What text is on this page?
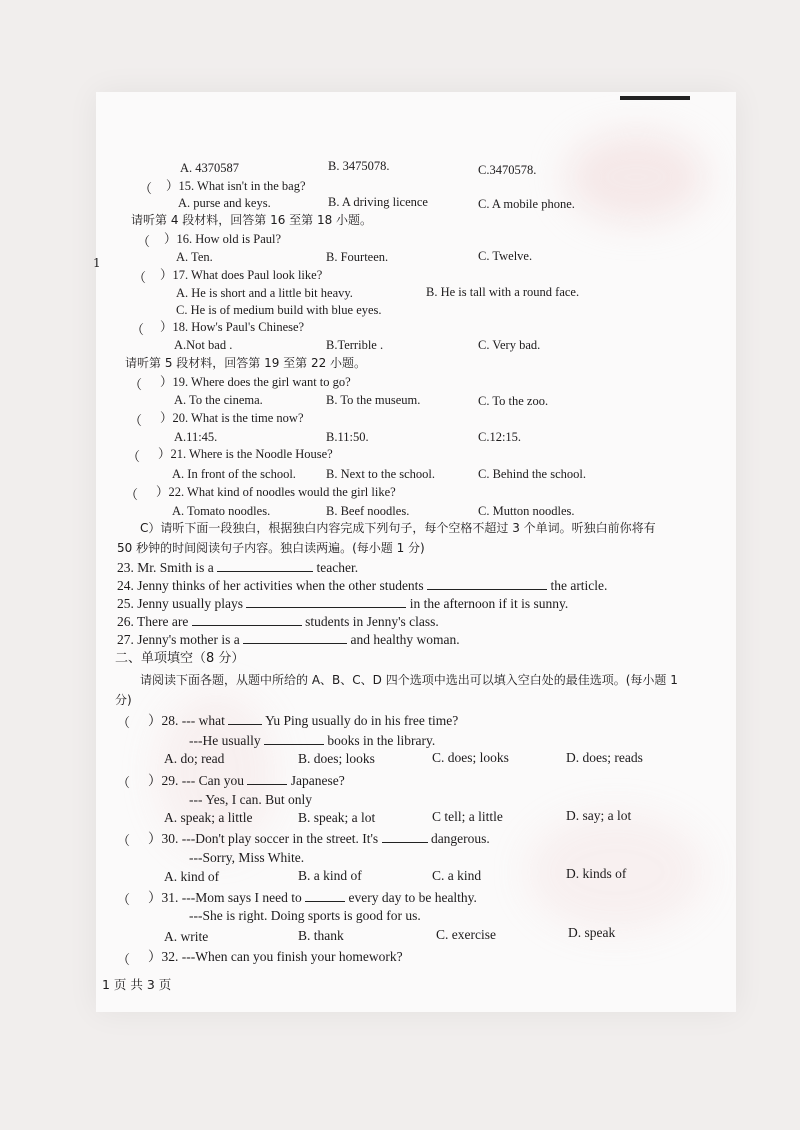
1
A. 4370587	B. 3475078.	C.3470578.
（ ）15. What isn't in the bag?
A. purse and keys.	B. A driving licence	C. A mobile phone.
请听第 4 段材料，回答第 16 至第 18 小题。
（ ）16. How old is Paul?
A. Ten.	B. Fourteen.	C. Twelve.
（ ）17. What does Paul look like?
A. He is short and a little bit heavy.	B. He is tall with a round face.
C. He is of medium build with blue eyes.
（ ）18. How's Paul's Chinese?
A.Not bad .	B.Terrible .	C. Very bad.
请听第 5 段材料，回答第 19 至第 22 小题。
（ ）19. Where does the girl want to go?
A. To the cinema.	B. To the museum.	C. To the zoo.
（ ）20. What is the time now?
A.11:45.	B.11:50.	C.12:15.
（ ）21. Where is the Noodle House?
A. In front of the school. B. Next to the school.	C. Behind the school.
（ ）22. What kind of noodles would the girl like?
A. Tomato noodles.	B. Beef noodles.	C. Mutton noodles.
C）请听下面一段独白，根据独白内容完成下列句子，每个空格不超过 3 个单词。听独白前你将有
50 秒钟的时间阅读句子内容。独白读两遍。(每小题 1 分)
23. Mr. Smith is a	teacher.
24. Jenny thinks of her activities when the other students	the article.
25. Jenny usually plays	in the afternoon if it is sunny.
26. There are	students in Jenny's class.
27. Jenny's mother is a	and healthy woman.
二、单项填空（8 分）
请阅读下面各题，从题中所给的 A、B、C、D 四个选项中选出可以填入空白处的最佳选项。(每小题 1
分)
（ ）28. --- what	Yu Ping usually do in his free time?
---He usually	books in the library.
A. do; read	B. does; looks	C. does; looks	D. does; reads
（ ）29. --- Can you	Japanese?
--- Yes, I can. But only
A. speak; a little	B. speak; a lot	C tell; a little	D. say; a lot
（ ）30. ---Don't play soccer in the street. It's	dangerous.
---Sorry, Miss White.
A. kind of	B. a kind of	C. a kind	D. kinds of
（ ）31. ---Mom says I need to	every day to be healthy.
---She is right. Doing sports is good for us.
A. write	B. thank	C. exercise	D. speak
（ ）32. ---When can you finish your homework?
1 页 共 3 页
